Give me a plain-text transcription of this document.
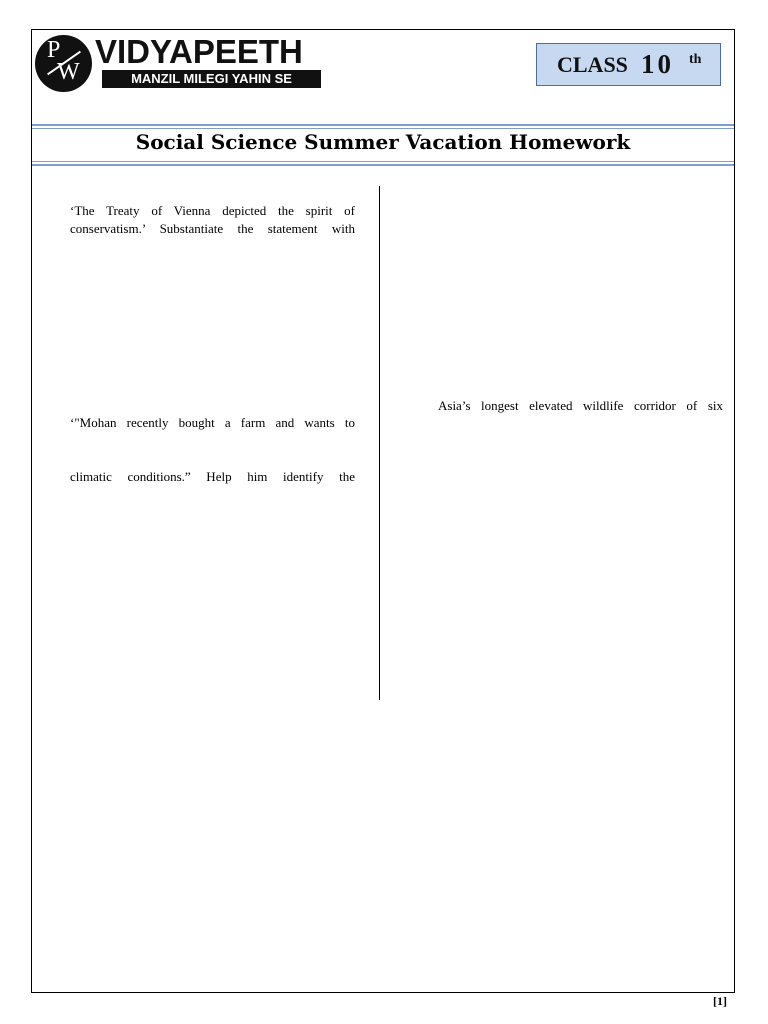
P
W
VIDYAPEETH
MANZIL MILEGI YAHIN SE
CLASS 10 th
Social Science Summer Vacation Homework
‘The Treaty of Vienna depicted the spirit of
conservatism.’ Substantiate the statement with
‘"Mohan recently bought a farm and wants to
climatic conditions.” Help him identify the
Asia’s longest elevated wildlife corridor of six
[1]
